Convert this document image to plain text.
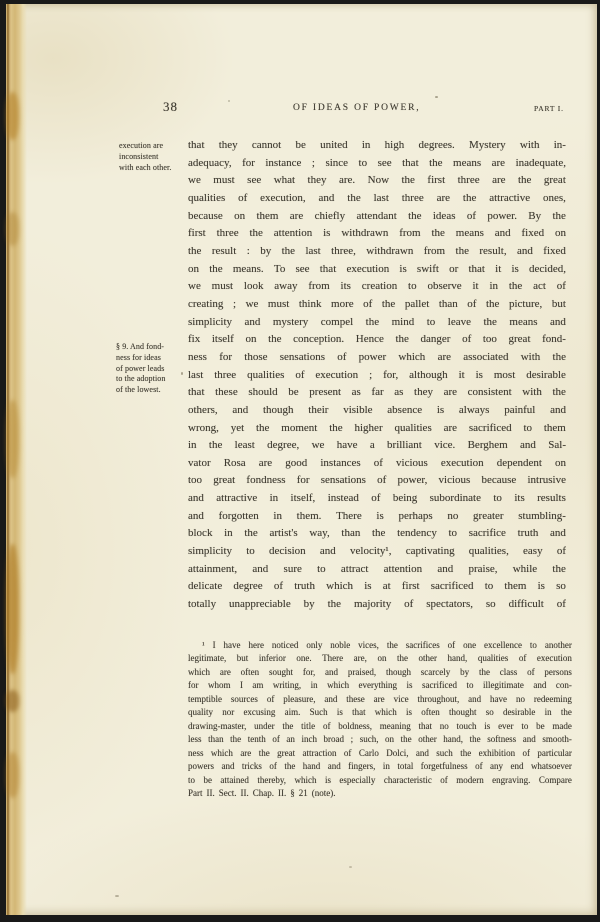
38	OF IDEAS OF POWER,	PART I.
execution are
inconsistent
with each other.
§ 9. And fond-
ness for ideas
of power leads
to the adoption
of the lowest.
that they cannot be united in high degrees. Mystery with in-
adequacy, for instance ; since to see that the means are inadequate,
we must see what they are. Now the first three are the great
qualities of execution, and the last three are the attractive ones,
because on them are chiefly attendant the ideas of power. By the
first three the attention is withdrawn from the means and fixed on
the result : by the last three, withdrawn from the result, and fixed
on the means. To see that execution is swift or that it is decided,
we must look away from its creation to observe it in the act of
creating ; we must think more of the pallet than of the picture, but
simplicity and mystery compel the mind to leave the means and
fix itself on the conception. Hence the danger of too great fond-
ness for those sensations of power which are associated with the
last three qualities of execution ; for, although it is most desirable
that these should be present as far as they are consistent with the
others, and though their visible absence is always painful and
wrong, yet the moment the higher qualities are sacrificed to them
in the least degree, we have a brilliant vice. Berghem and Sal-
vator Rosa are good instances of vicious execution dependent on
too great fondness for sensations of power, vicious because intrusive
and attractive in itself, instead of being subordinate to its results
and forgotten in them. There is perhaps no greater stumbling-
block in the artist's way, than the tendency to sacrifice truth and
simplicity to decision and velocity¹, captivating qualities, easy of
attainment, and sure to attract attention and praise, while the
delicate degree of truth which is at first sacrificed to them is so
totally unappreciable by the majority of spectators, so difficult of
¹ I have here noticed only noble vices, the sacrifices of one excellence to another
legitimate, but inferior one. There are, on the other hand, qualities of execution
which are often sought for, and praised, though scarcely by the class of persons
for whom I am writing, in which everything is sacrificed to illegitimate and con-
temptible sources of pleasure, and these are vice throughout, and have no redeeming
quality nor excusing aim. Such is that which is often thought so desirable in the
drawing-master, under the title of boldness, meaning that no touch is ever to be made
less than the tenth of an inch broad ; such, on the other hand, the softness and smooth-
ness which are the great attraction of Carlo Dolci, and such the exhibition of particular
powers and tricks of the hand and fingers, in total forgetfulness of any end whatsoever
to be attained thereby, which is especially characteristic of modern engraving. Compare
Part II. Sect. II. Chap. II. § 21 (note).
